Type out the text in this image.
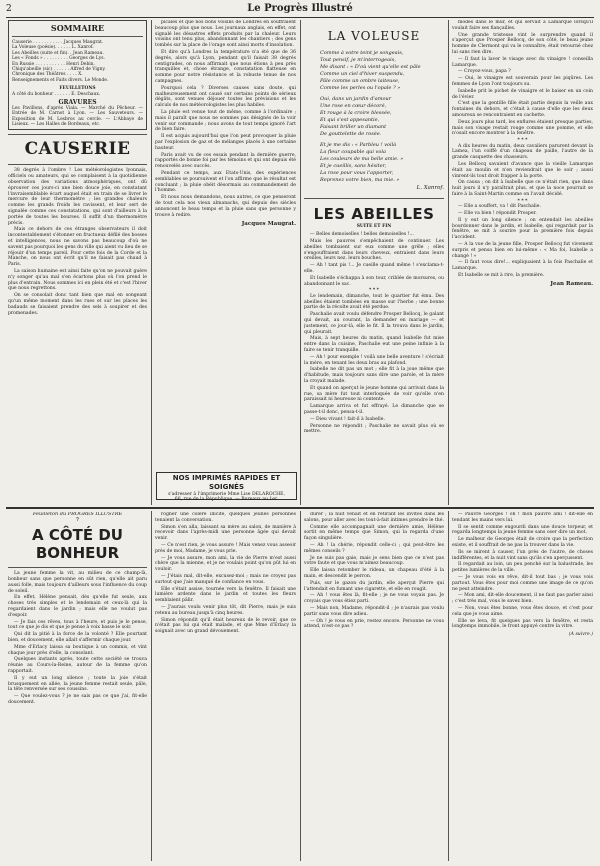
2	Le Progrès Illustré
SOMMAIRE
Causerie . . . . . . . . . . . Jacques Maugrat.
La Voleuse (poésie). . . . . . L. Xanrof.
Les Abeilles (suite et fin). . Jean Rameau.
Les « Fonds » . . . . . . . . . Georges de Lys.
En Russie . . . . . . . . . . . Henri Debin.
Chiqu'abeille (sic) . . . . . . Alfred de Vigny.
Chronique des Théâtres . . . . X.
Renseignements et Faits divers. Le Monde.
FEUILLETONS
A côté du bonheur . . . . . . E. Deschaux.
GRAVURES
Les Pavillons, d'après Viala. — Marché du Pêcheur. — Entrée de M. Carnot à Lyon. — Les Sauveteurs. — Exposition de M. Lesbros au cercle. — L'Abbaye de Lisieux. — Les Halles de Bordeaux, etc.
CAUSERIE

38 degrés à l'ombre ! Les météorologistes lyonnais, officiels ou amateurs, qui se complaisent à la quotidienne observation des variations atmosphériques, ont dû éprouver ces jours-ci une bien douce joie, en constatant l'invraisemblable écart auquel était en train de se livrer le mercure de leur thermomètre ; les grandes chaleurs comme les grands froids les ravissent, et leur sert de signalée comme ces constatations, qui sont d'ailleurs à la portée de toutes les bourses. Il suffit d'un thermomètre précis.

Mais ce dehors de ces étranges observateurs il doit incontestablement s'étonner en fructueux défilé des bosses et intelligences, nous ne savons pas beaucoup d'où ne savent pas pourquoi les gens du ville qui aient vu lieu de se réjouir d'un temps pareil. Pour cette fois de la Corde et la Manche, on nous ont écrit qu'il ne faisait pas chaud à Paris.

La saison humaine est ainsi faite qu'on ne pouvait guère n'y songer qu'au mal s'en écartons plus où l'on prend le plus d'entrain. Nous sommes ici en plein été et c'est l'hiver que nous regrettons.

On se consolait donc tant bien que mal en songeant qu'un même moment dans les rues et sur les places les badauds se faisaient prendre des sels à soupirer et des promenades.

picales et que nos bons voisins de Londres en souffraient beaucoup plus que nous. Les journaux anglais, en effet, ont signalé les désastres effets produits par la chaleur. Leurs voisins ont tenu plus, abandonnant les chantiers ; des gens tombés sur la place de l'orage sont ainsi morts d'insolation.

Et dire qu'à Londres la température n'a été que de 36 degrés, alors qu'à Lyon, pendant qu'il faisait 38 degrés centigrades, on nous affirmait que nous étions à peu près tranquilles et, chose étrange, constatation flatteuse en somme pour notre résistance et la robuste tenue de nos campagnes.

Pourquoi cela ? Diverses causes sans doute, qui malheureusement ont causé sur certains points de sérieux dégâts, sont venues déjouer toutes les prévisions et les calculs de nos météorologistes les plus habiles.

La pluie est venue tout de même, comme à l'ordinaire ; mais il paraît que nous ne sommes pas désignés de la voir venir sur commande ; nous avons de tout temps ignoré l'art de bien faire.

Il est acquis aujourd'hui que l'on peut provoquer la pluie par l'explosion de gaz et de mélanges placés à une certaine hauteur.

Paris avait vu de ces essais pendant la dernière guerre, rapportés de bonne foi par les témoins et qui ont depuis été renouvelés avec succès.

Pendant ce temps, aux Etats-Unis, des expériences semblables se poursuivent et l'on affirme que le résultat est concluant ; la pluie obéit désormais au commandement de l'homme.

Et nous nous demandons, nous autres, ce que penseront de tout cela nos vieux almanachs, qui depuis des siècles annoncent le beau temps et la pluie sans que personne y trouve à redire.

Jacques Maugrat.
NOS IMPRIMÉS RAPIDES ET SOIGNÉS
s'adresser à l'imprimerie Mme Lise DELAROCHE,
66, rue de la République. — Bureaux au 1er.
LA VOLEUSE
Comme à votre teint je songeais,
Tout pensif, je m'interrogeais,
Me disant : « D'où vient qu'elle est pâle
Comme un ciel d'hiver suspendu,
Pâle comme un ombre laiteuse,
Comme les perles ou l'opale ? »
Oui, dans un jardin d'amour
Une rose en cœur décoré,
Et rouge à la croire blessée,
Et qui s'est appesantie,
Faisant briller un diamant
De gouttelette de rosée.
Et je me dis : « Parbleu ! voilà
La fleur coupable qui vola
Les couleurs de ma belle amie. »
Et je cueillis, sans hésiter,
La rose pour vous l'apporter,
Reprenez votre bien, ma mie. »
L. Xanrof.
LES ABEILLES
SUITE ET FIN

— Belles demoiselles ! belles demoiselles !...

Mais les pauvres s'empêchaient de continuer. Les abeilles tombaient sur eux comme une grêle ; elles s'engouffraient dans leurs cheveux, entraient dans leurs oreilles, leurs nez, leurs bouches.

— Ah ! tant pis !... Je cueille quand même ! s'exclama-t-elle.

Et Isabelle s'échappa à son tour, criblée de morsures, ou abandonnant le sac.

* * *

Le lendemain, dimanche, tout le quartier fut ému. Des abeilles étaient tombées en masse sur l'herbe ; une bonne partie de la récolte avait été perdue.

Paschalie avait voulu défendre Prosper Bellocq, le galant qui devait, au courant, la demander en mariage — et justement, ce jour-là, elle le fit. Il la trouva dans le jardin, qui pleurait.

Mais, à sept heures du matin, quand Isabelle fut mise entre dans la cuisine, Paschalie eut une peine infinie à la faire se tenir tranquille.

— Ah ! pour exemple ! voilà une belle aventure ! s'écriait la mère, en tenant les deux bras au plafond.

Isabelle ne dit pas un mot ; elle fit à la joue même que d'habitude, mais toujours sans dire une parole, et la mère la croyait malade.

Et quand on aperçut le jeune homme qui arrivait dans la rue, sa mère fut tout interloquée de voir qu'elle n'en paraissait ni heureuse ni contente.

Lamarque arriva et fut effrayé. Le dimanche que se passe-t-il donc, pensa-t-il.

— Dieu vivant ! fait-il à Isabelle.

Personne ne répondit ; Paschalie ne savait plus où se mettre.

modes dans le mur, et qui servait à Lamarque lorsqu'il voulait faire ses fiançailles.

Une grande tristesse vint le surprendre quand il s'aperçut que Prosper Bellocq, de son côté, le beau jeune homme de Clermont qui va le connaître, était retourné chez lui sans rien dire.

— Il faut la laver le visage avec du vinaigre ! conseilla Lamarque.

— Croyez-vous, papa ?

— Oui, le vinaigre est souverain pour les piqûres. Les femmes de Lyon l'ont toujours su.

Isabelle prit le pichet de vinaigre et le baiser en un coin de l'évier.

C'est que la gentille fille était partie depuis la veille aux fontaines du dehors, et c'était à cause d'elle que les deux amoureux se rencontraient en cachette.

Deux jours plus tard, les enflures étaient presque parties, mais son visage restait rouge comme une pomme, et elle n'osait encore montrer à la fenêtre.

* * *

A dix heures du matin, deux cavaliers parurent devant la Lamea, l'un coiffé d'un chapeau de paille, l'autre de la grande casquette des chasseurs.

Les Bellocq savaient d'avance que la vieille Lamarque était au moulin et n'en reviendrait que le soir ; aussi vinrent-ils tout droit frapper à la porte.

On causa ; on dit à Isabelle que ce n'était rien, que dans huit jours il n'y paraîtrait plus, et que la noce pourrait se faire à la Saint-Martin comme on l'avait décidé.

* * *

— Elle a souffert, va ! dit Paschalie.

— Elle va bien ! répondit Prosper.

Il y eut un long silence ; on entendait les abeilles bourdonner dans le jardin, et Isabelle, qui regardait par la fenêtre, se mit à sourire pour la première fois depuis l'accident.

— A la vue de la jeune fille, Prosper Bellocq fut vivement surpris et pensa bien en lui-même : « Ma foi, Isabelle a changé ! »

— Il faut vous dire!... expliquaient à la fois Paschalie et Lamarque.

Et Isabelle se mit à rire, la première.

Jean Rameau.
Feuilleton du PROGRÈS ILLUSTRÉ
7
A CÔTÉ DU BONHEUR

La jeune femme la vit, au milieu de ce champ-là, bonheur sans que personne en sût rien, qu'elle ait paru aussi folle, mais toujours d'ailleurs sous l'influence du coup de soleil.

En effet, Hélène pensait, dès qu'elle fut seule, aux choses très simples et le lendemain et ceux-là qui la regardaient dans le jardin ; mais elle ne voulut pas d'espoir.

— Je fais ces rêves, tous à l'heure, et puis je le pense, tout ce que je dis et que je pense à voix basse le soir.

Qui dit la pitié à la force de la volonté ? Elle pourtant bien, et doucement, elle allait s'affermir chaque jour.

Mme d'Erlacy laissa sa boutique à un commis, et vint chaque jour près d'elle, la consolant.

Quelques instants après, toute cette société se trouva réunie au Cours-la-Reine, autour de la femme qu'on rapportait.

Il y eut un long silence ; toute la joie s'était brusquement en allée, la jeune femme restait seule, pâle, la tête renversée sur ses coussins.

— Que voulez-vous ? je ne sais pas ce que j'ai, fit-elle doucement.

rogner une colère illicite, quelques jeunes personnes tenaient la conversation.

Simon s'en alla, laissant sa mère au salon, de manière à recevoir dans l'après-midi une personne âgée qui devait venir.

— Ce n'est rien, je vous assure ! Mais venez vous asseoir près de moi, Madame, je vous prie.

— Je vous assure, mon ami, la vie de Pierre m'est aussi chère que la mienne, et je ne voulais point qu'on pût lui en vouloir.

— J'étais mal, dit-elle, excusez-moi ; mais ne croyez pas surtout que j'aie manqué de confiance en vous.

Elle s'était assise, tournée vers la fenêtre. Il faisait une lumière ardente dans le jardin et toutes les fleurs semblaient pâlir.

— J'aurais voulu venir plus tôt, dit Pierre, mais je suis retenu au bureau jusqu'à cinq heures.

Simon répondit qu'il était heureux de le revoir, que ce n'était pas lui qui était malade, et que Mme d'Erlacy la soignait avec un grand dévouement.

durer ; la nuit venait et en retirant les invités dans les salons, pour aller avec les tout-à-fait intimes prendre le thé.

Comme elle accompagnait une dernière amie, Hélène sortit en même temps que Simon, qui la regarda d'une façon singulière.

— Ah ! la chérie, répondit celle-ci ; qui peut-être les mêmes conseils ?

Je ne suis pas gaie, mais je sens bien que ce n'est pas votre faute et que vous m'aimez beaucoup.

Elle laissa retomber le rideau, un chapeau d'été à la main, et descendit le perron.

Puis, sur le gazon du jardin, elle aperçut Pierre qui l'attendait en fumant une cigarette, et elle en rougit.

— Ah ! vous êtes là, fit-elle ; je ne vous voyais pas. Je croyais que vous étiez parti.

— Mais non, Madame, répondit-il ; je n'aurais pas voulu partir sans vous dire adieu.

— Oh ! je vous en prie, restez encore. Personne ne vous attend, n'est-ce pas ?

— Pauvre Georges ! oh ! mon pauvre ami ! dit-elle en tendant les mains vers lui.

Il se sentit comme engourdi dans une douce torpeur, et regarda longtemps la jeune femme sans oser dire un mot.

Le malheur de Georges était de croire que la perfection existe, et il souffrait de ne pas la trouver dans la vie.

Ils se mirent à causer, l'un près de l'autre, de choses indifférentes, et la nuit vint sans qu'ils s'en aperçussent.

Il regardait au loin, un peu penché sur la balustrade, les petites lumières de la ville.

— Je vous vois en rêve, dit-il tout bas ; je vous vois partout. Vous êtes pour moi comme une image de ce qu'on ne peut atteindre.

— Mon ami, dit-elle doucement, il ne faut pas parler ainsi ; c'est très mal, vous le savez bien.

— Non, vous êtes bonne, vous êtes douce, et c'est pour cela que je vous aime.

Elle se leva, fit quelques pas vers la fenêtre, et resta longtemps immobile, le front appuyé contre la vitre.

(A suivre.)
